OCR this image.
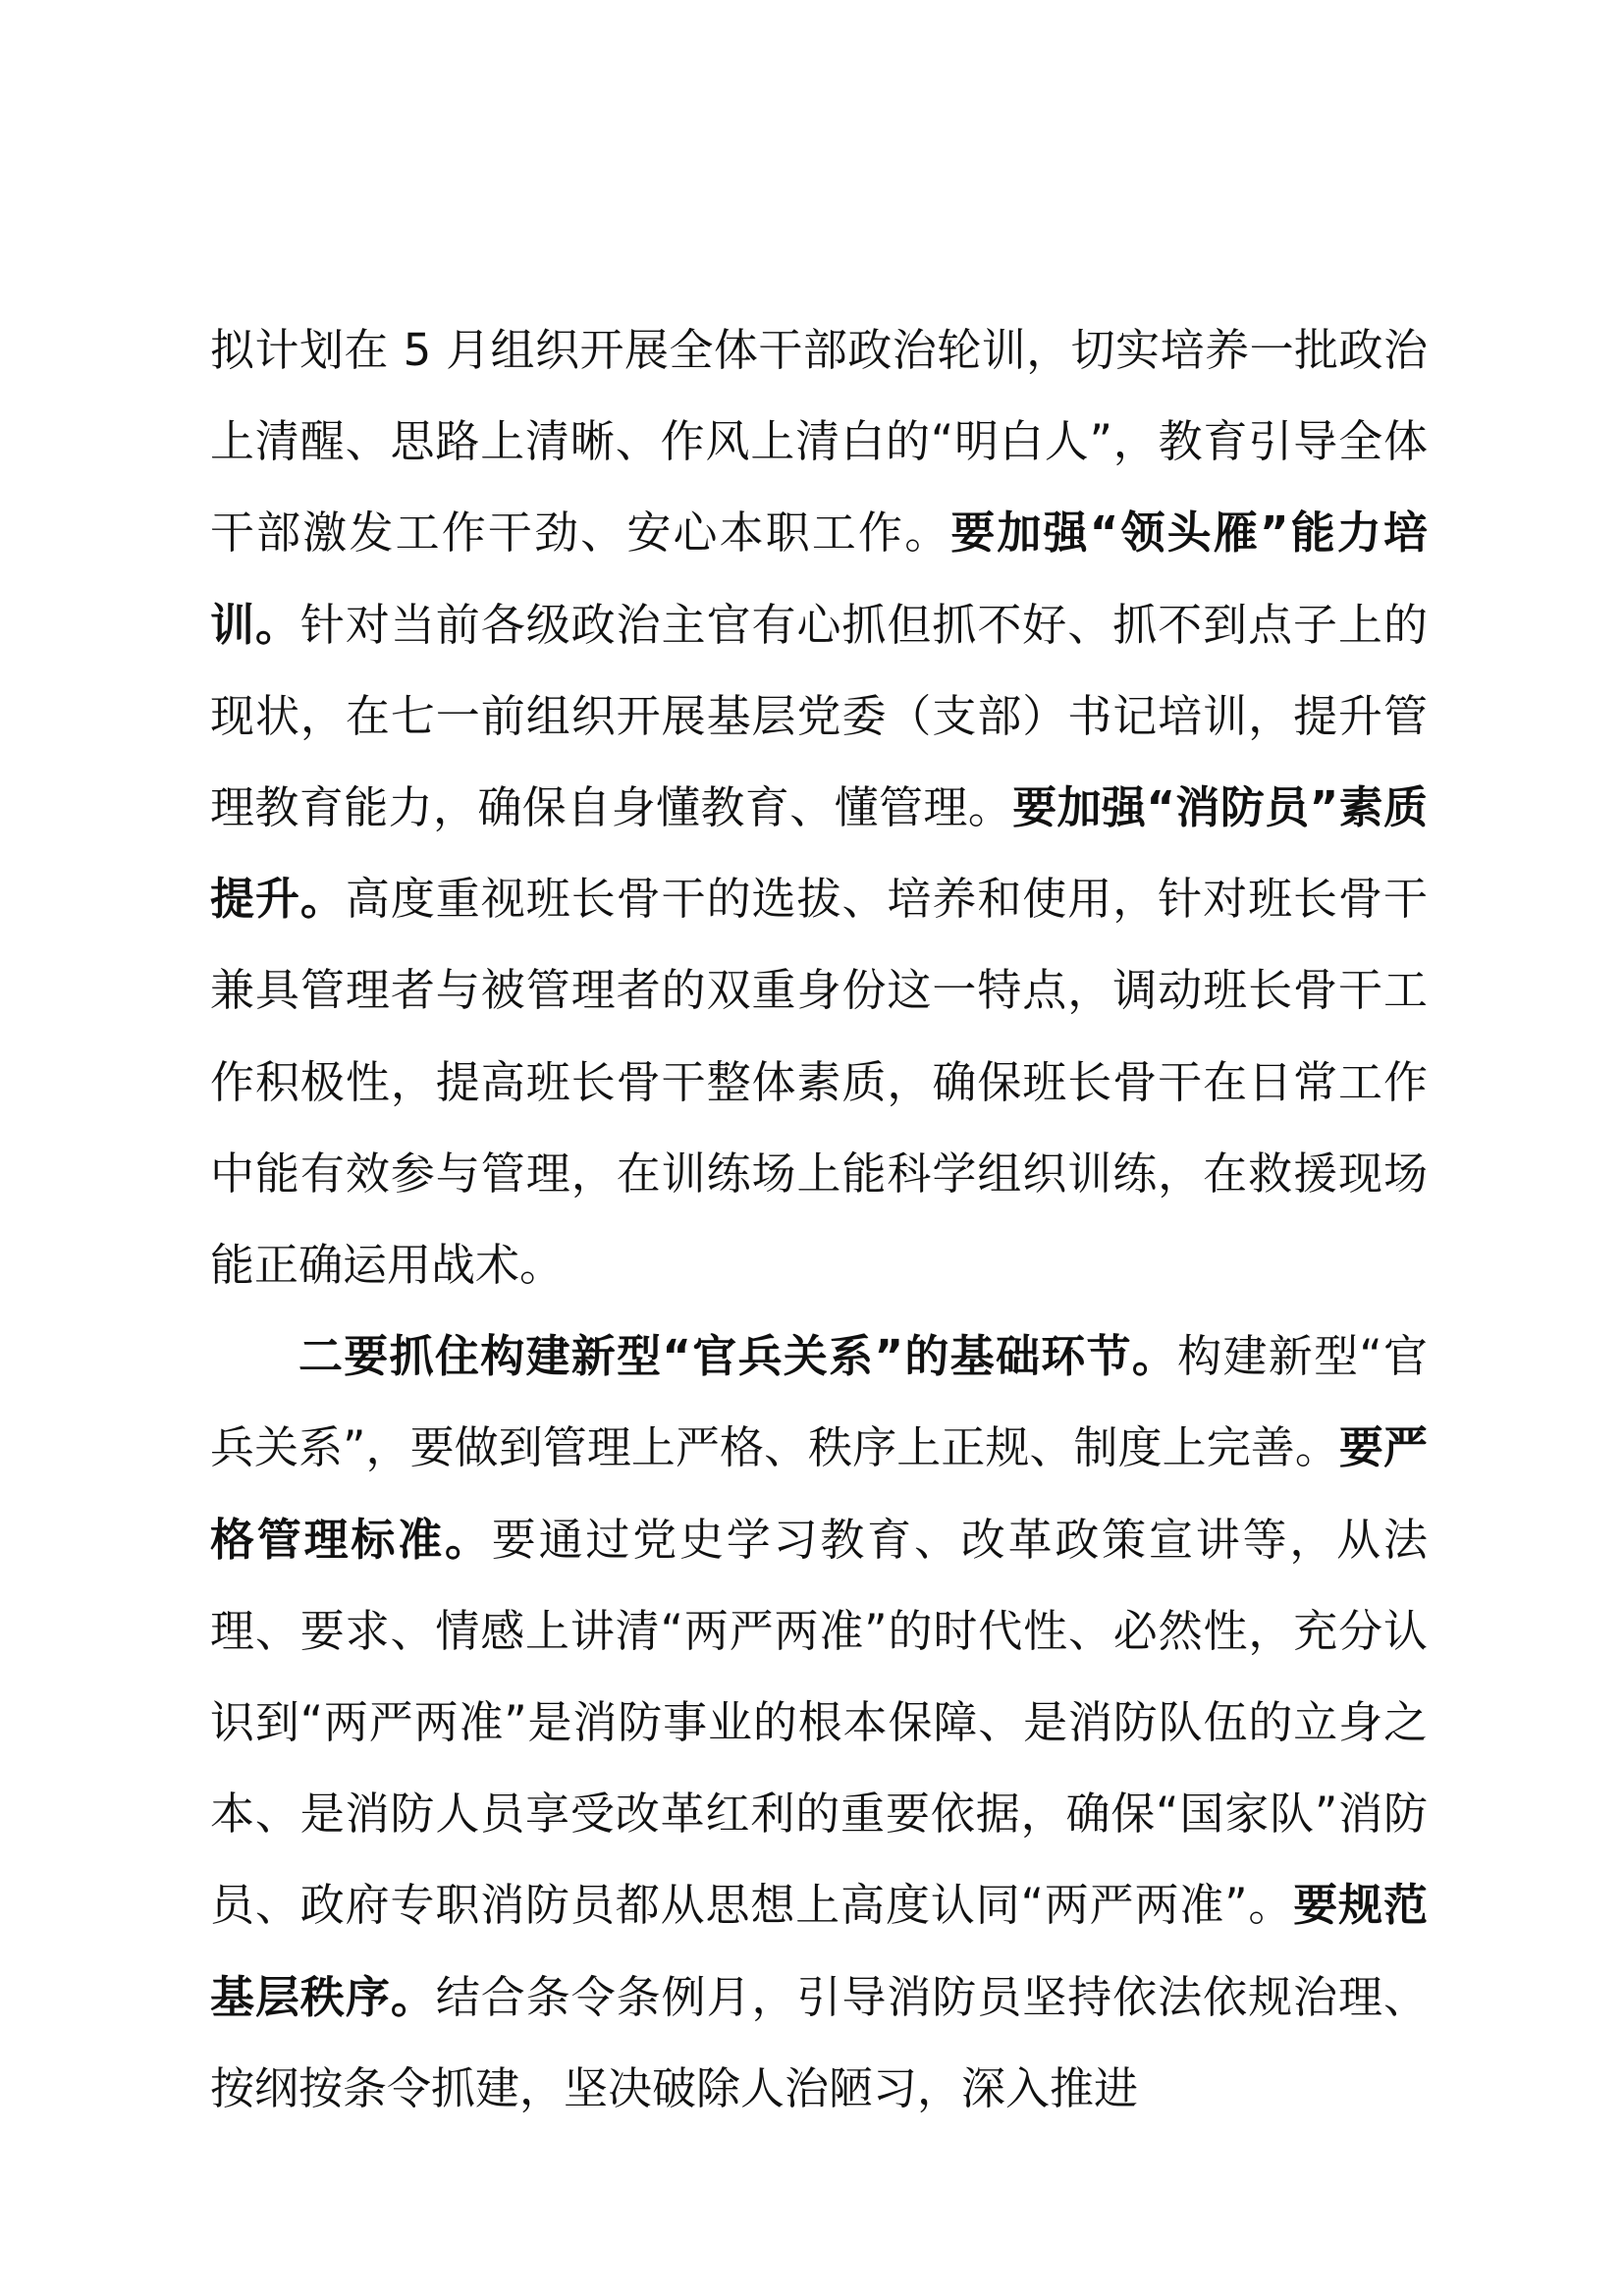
拟计划在 5 月组织开展全体干部政治轮训，切实培养一批政治上清醒、思路上清晰、作风上清白的“明白人”，教育引导全体干部激发工作干劲、安心本职工作。要加强“领头雁”能力培训。针对当前各级政治主官有心抓但抓不好、抓不到点子上的现状，在七一前组织开展基层党委（支部）书记培训，提升管理教育能力，确保自身懂教育、懂管理。要加强“消防员”素质提升。高度重视班长骨干的选拔、培养和使用，针对班长骨干兼具管理者与被管理者的双重身份这一特点，调动班长骨干工作积极性，提高班长骨干整体素质，确保班长骨干在日常工作中能有效参与管理，在训练场上能科学组织训练，在救援现场能正确运用战术。

二要抓住构建新型“官兵关系”的基础环节。构建新型“官兵关系”，要做到管理上严格、秩序上正规、制度上完善。要严格管理标准。要通过党史学习教育、改革政策宣讲等，从法理、要求、情感上讲清“两严两准”的时代性、必然性，充分认识到“两严两准”是消防事业的根本保障、是消防队伍的立身之本、是消防人员享受改革红利的重要依据，确保“国家队”消防员、政府专职消防员都从思想上高度认同“两严两准”。要规范基层秩序。结合条令条例月，引导消防员坚持依法依规治理、按纲按条令抓建，坚决破除人治陋习，深入推进
